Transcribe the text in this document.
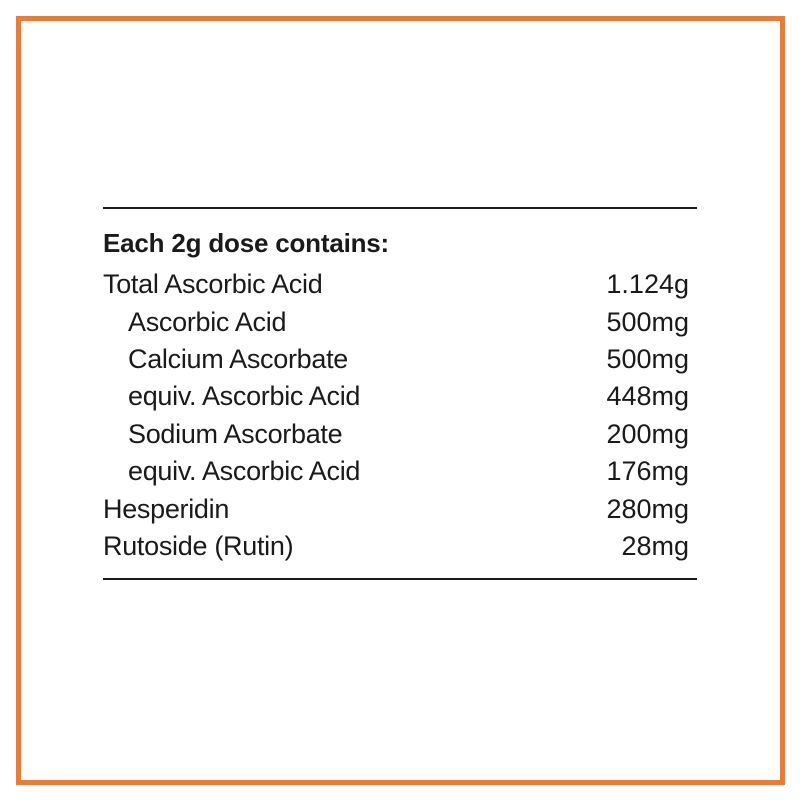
Each 2g dose contains:
Total Ascorbic Acid	1.124g
Ascorbic Acid	500mg
Calcium Ascorbate	500mg
equiv. Ascorbic Acid	448mg
Sodium Ascorbate	200mg
equiv. Ascorbic Acid	176mg
Hesperidin	280mg
Rutoside (Rutin)	28mg
